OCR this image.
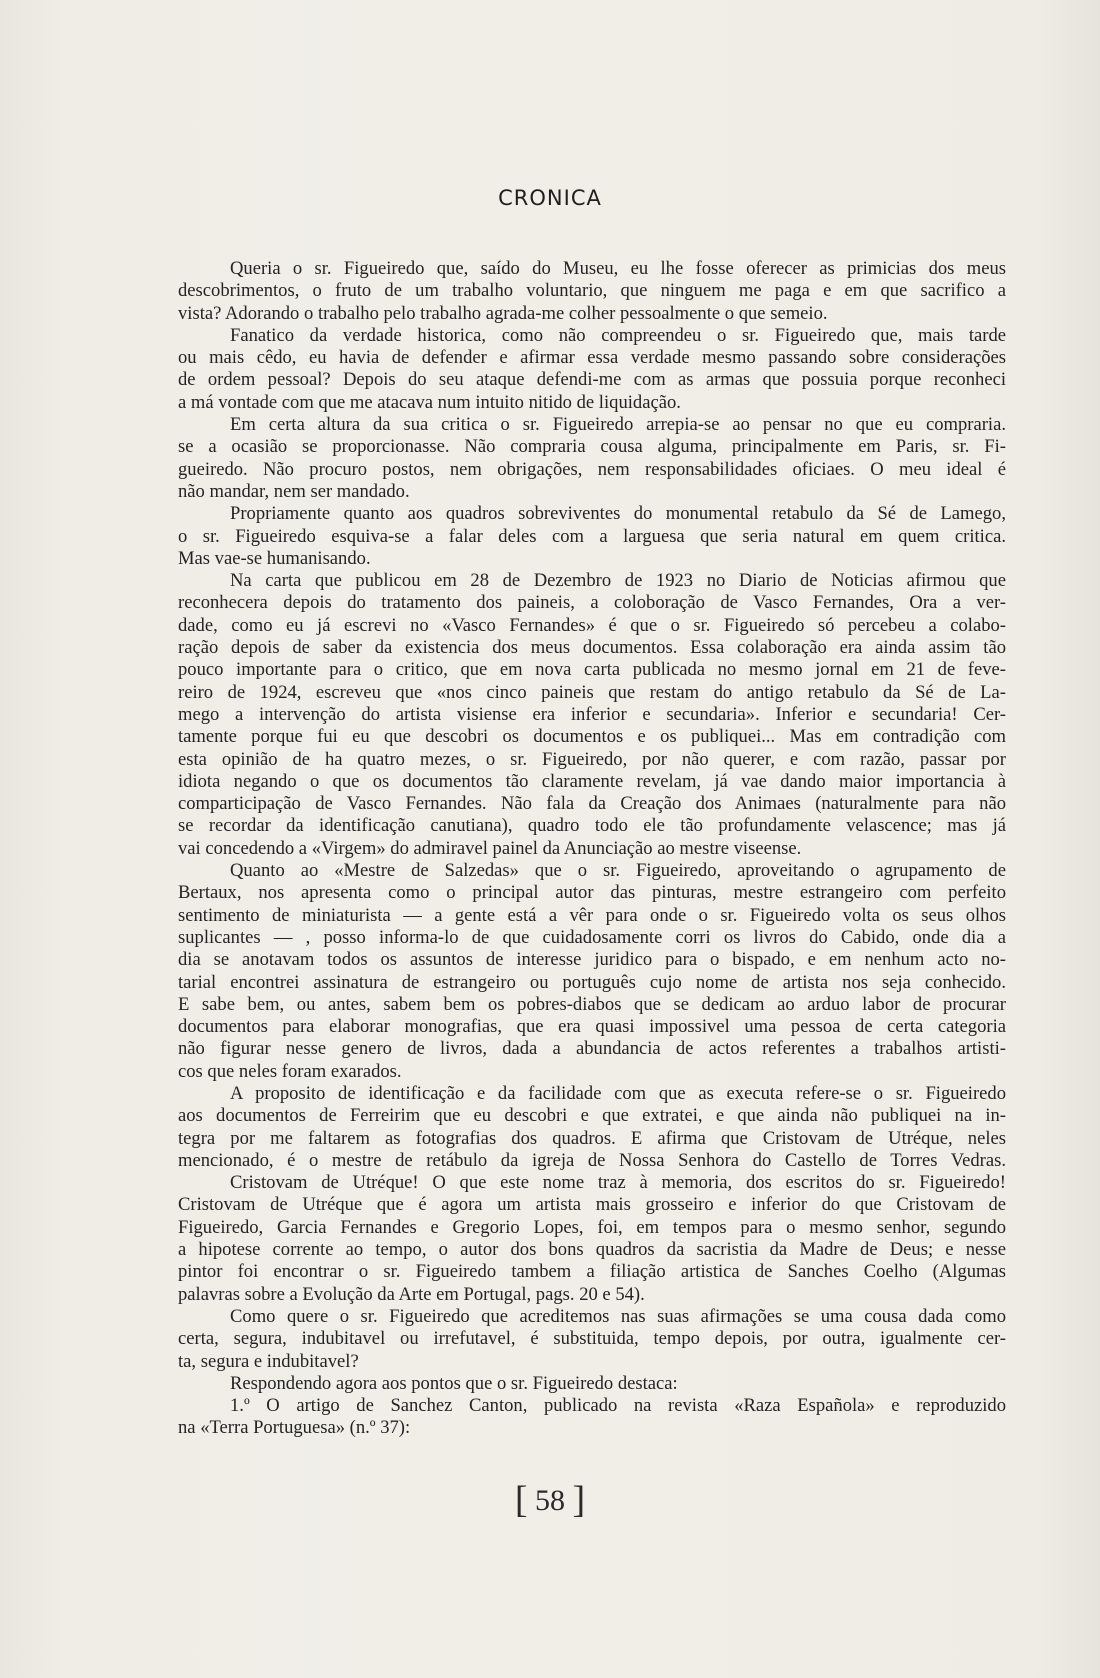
CRONICA
Queria o sr. Figueiredo que, saído do Museu, eu lhe fosse oferecer as primicias dos meus
descobrimentos, o fruto de um trabalho voluntario, que ninguem me paga e em que sacrifico a
vista? Adorando o trabalho pelo trabalho agrada-me colher pessoalmente o que semeio.
Fanatico da verdade historica, como não compreendeu o sr. Figueiredo que, mais tarde
ou mais cêdo, eu havia de defender e afirmar essa verdade mesmo passando sobre considerações
de ordem pessoal? Depois do seu ataque defendi-me com as armas que possuia porque reconheci
a má vontade com que me atacava num intuito nitido de liquidação.
Em certa altura da sua critica o sr. Figueiredo arrepia-se ao pensar no que eu compraria.
se a ocasião se proporcionasse. Não compraria cousa alguma, principalmente em Paris, sr. Fi-
gueiredo. Não procuro postos, nem obrigações, nem responsabilidades oficiaes. O meu ideal é
não mandar, nem ser mandado.
Propriamente quanto aos quadros sobreviventes do monumental retabulo da Sé de Lamego,
o sr. Figueiredo esquiva-se a falar deles com a larguesa que seria natural em quem critica.
Mas vae-se humanisando.
Na carta que publicou em 28 de Dezembro de 1923 no Diario de Noticias afirmou que
reconhecera depois do tratamento dos paineis, a coloboração de Vasco Fernandes, Ora a ver-
dade, como eu já escrevi no «Vasco Fernandes» é que o sr. Figueiredo só percebeu a colabo-
ração depois de saber da existencia dos meus documentos. Essa colaboração era ainda assim tão
pouco importante para o critico, que em nova carta publicada no mesmo jornal em 21 de feve-
reiro de 1924, escreveu que «nos cinco paineis que restam do antigo retabulo da Sé de La-
mego a intervenção do artista visiense era inferior e secundaria». Inferior e secundaria! Cer-
tamente porque fui eu que descobri os documentos e os publiquei... Mas em contradição com
esta opinião de ha quatro mezes, o sr. Figueiredo, por não querer, e com razão, passar por
idiota negando o que os documentos tão claramente revelam, já vae dando maior importancia à
comparticipação de Vasco Fernandes. Não fala da Creação dos Animaes (naturalmente para não
se recordar da identificação canutiana), quadro todo ele tão profundamente velascence; mas já
vai concedendo a «Virgem» do admiravel painel da Anunciação ao mestre viseense.
Quanto ao «Mestre de Salzedas» que o sr. Figueiredo, aproveitando o agrupamento de
Bertaux, nos apresenta como o principal autor das pinturas, mestre estrangeiro com perfeito
sentimento de miniaturista — a gente está a vêr para onde o sr. Figueiredo volta os seus olhos
suplicantes — , posso informa-lo de que cuidadosamente corri os livros do Cabido, onde dia a
dia se anotavam todos os assuntos de interesse juridico para o bispado, e em nenhum acto no-
tarial encontrei assinatura de estrangeiro ou português cujo nome de artista nos seja conhecido.
E sabe bem, ou antes, sabem bem os pobres-diabos que se dedicam ao arduo labor de procurar
documentos para elaborar monografias, que era quasi impossivel uma pessoa de certa categoria
não figurar nesse genero de livros, dada a abundancia de actos referentes a trabalhos artisti-
cos que neles foram exarados.
A proposito de identificação e da facilidade com que as executa refere-se o sr. Figueiredo
aos documentos de Ferreirim que eu descobri e que extratei, e que ainda não publiquei na in-
tegra por me faltarem as fotografias dos quadros. E afirma que Cristovam de Utréque, neles
mencionado, é o mestre de retábulo da igreja de Nossa Senhora do Castello de Torres Vedras.
Cristovam de Utréque! O que este nome traz à memoria, dos escritos do sr. Figueiredo!
Cristovam de Utréque que é agora um artista mais grosseiro e inferior do que Cristovam de
Figueiredo, Garcia Fernandes e Gregorio Lopes, foi, em tempos para o mesmo senhor, segundo
a hipotese corrente ao tempo, o autor dos bons quadros da sacristia da Madre de Deus; e nesse
pintor foi encontrar o sr. Figueiredo tambem a filiação artistica de Sanches Coelho (Algumas
palavras sobre a Evolução da Arte em Portugal, pags. 20 e 54).
Como quere o sr. Figueiredo que acreditemos nas suas afirmações se uma cousa dada como
certa, segura, indubitavel ou irrefutavel, é substituida, tempo depois, por outra, igualmente cer-
ta, segura e indubitavel?
Respondendo agora aos pontos que o sr. Figueiredo destaca:
1.º O artigo de Sanchez Canton, publicado na revista «Raza Española» e reproduzido
na «Terra Portuguesa» (n.º 37):
[ 58 ]
